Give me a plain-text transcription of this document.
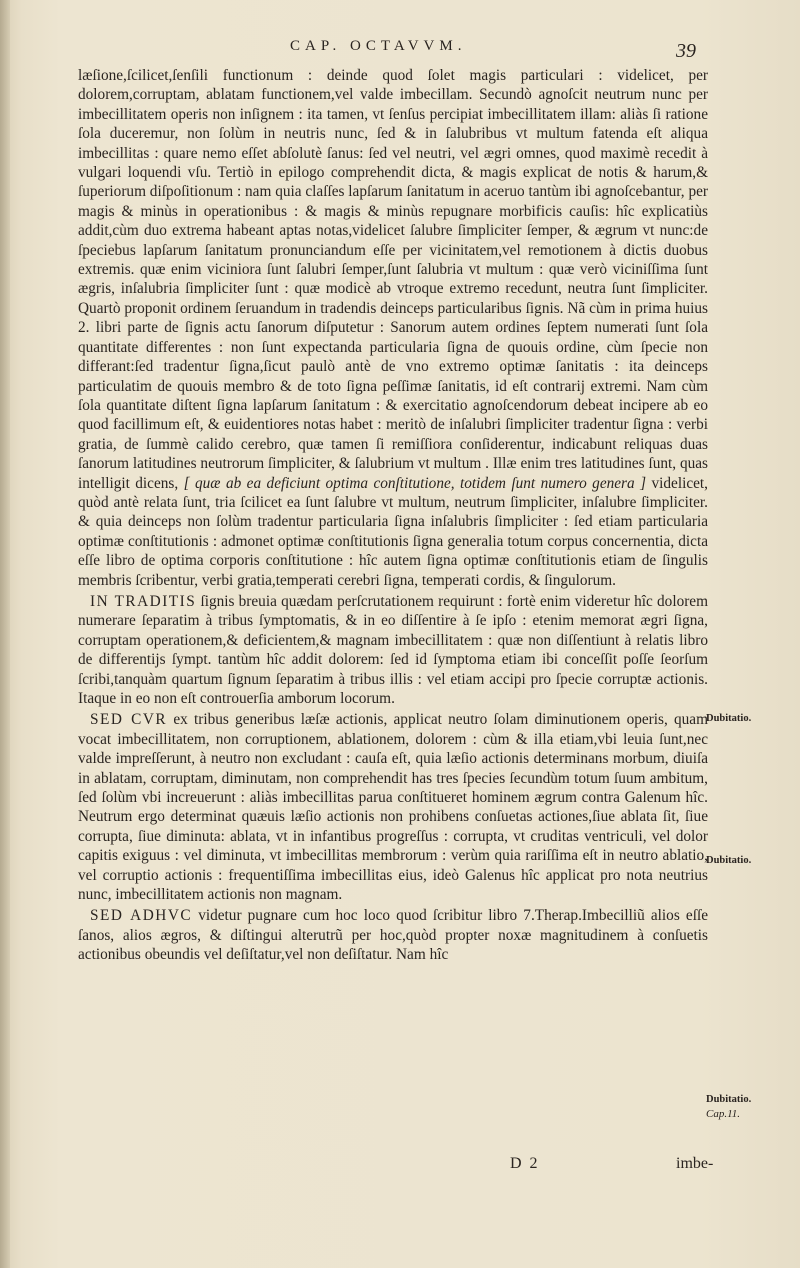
CAP. OCTAVVM.	39

læſione,ſcilicet,ſenſili functionum : deinde quod ſolet magis particulari : videlicet, per dolorem,corruptam, ablatam functionem,vel valde imbecillam. Secundò agnoſcit neutrum nunc per imbecillitatem operis non inſignem : ita tamen, vt ſenſus percipiat imbecillitatem illam: aliàs ſi ratione ſola duceremur, non ſolùm in neutris nunc, ſed & in ſalubribus vt multum fatenda eſt aliqua imbecillitas : quare nemo eſſet abſolutè ſanus: ſed vel neutri, vel ægri omnes, quod maximè recedit à vulgari loquendi vſu. Tertiò in epilogo comprehendit dicta, & magis explicat de notis & harum,& ſuperiorum diſpoſitionum : nam quia claſſes lapſarum ſanitatum in aceruo tantùm ibi agnoſcebantur, per magis & minùs in operationibus : & magis & minùs repugnare morbificis cauſis: hîc explicatiùs addit,cùm duo extrema habeant aptas notas,videlicet ſalubre ſimpliciter ſemper, & ægrum vt nunc:de ſpeciebus lapſarum ſanitatum pronunciandum eſſe per vicinitatem,vel remotionem à dictis duobus extremis. quæ enim viciniora ſunt ſalubri ſemper,ſunt ſalubria vt multum : quæ verò viciniſſima ſunt ægris, inſalubria ſimpliciter ſunt : quæ modicè ab vtroque extremo recedunt, neutra ſunt ſimpliciter. Quartò proponit ordinem ſeruandum in tradendis deinceps particularibus ſignis. Nã cùm in prima huius 2. libri parte de ſignis actu ſanorum diſputetur : Sanorum autem ordines ſeptem numerati ſunt ſola quantitate differentes : non ſunt expectanda particularia ſigna de quouis ordine, cùm ſpecie non differant:ſed tradentur ſigna,ſicut paulò antè de vno extremo optimæ ſanitatis : ita deinceps particulatim de quouis membro & de toto ſigna peſſimæ ſanitatis, id eſt contrarij extremi. Nam cùm ſola quantitate diſtent ſigna lapſarum ſanitatum : & exercitatio agnoſcendorum debeat incipere ab eo quod facillimum eſt, & euidentiores notas habet : meritò de inſalubri ſimpliciter tradentur ſigna : verbi gratia, de ſummè calido cerebro, quæ tamen ſi remiſſiora conſiderentur, indicabunt reliquas duas ſanorum latitudines neutrorum ſimpliciter, & ſalubrium vt multum . Illæ enim tres latitudines ſunt, quas intelligit dicens, [ quæ ab ea deficiunt optima conſtitutione, totidem ſunt numero genera ] videlicet, quòd antè relata ſunt, tria ſcilicet ea ſunt ſalubre vt multum, neutrum ſimpliciter, inſalubre ſimpliciter. & quia deinceps non ſolùm tradentur particularia ſigna inſalubris ſimpliciter : ſed etiam particularia optimæ conſtitutionis : admonet optimæ conſtitutionis ſigna generalia totum corpus concernentia, dicta eſſe libro de optima corporis conſtitutione : hîc autem ſigna optimæ conſtitutionis etiam de ſingulis membris ſcribentur, verbi gratia,temperati cerebri ſigna, temperati cordis, & ſingulorum.

IN TRADITIS ſignis breuia quædam perſcrutationem requirunt : fortè enim videretur hîc dolorem numerare ſeparatim à tribus ſymptomatis, & in eo diſſentire à ſe ipſo : etenim memorat ægri ſigna, corruptam operationem,& deficientem,& magnam imbecillitatem : quæ non diſſentiunt à relatis libro de differentijs ſympt. tantùm hîc addit dolorem: ſed id ſymptoma etiam ibi conceſſit poſſe ſeorſum ſcribi,tanquàm quartum ſignum ſeparatim à tribus illis : vel etiam accipi pro ſpecie corruptæ actionis. Itaque in eo non eſt controuerſia amborum locorum.

SED CVR ex tribus generibus læſæ actionis, applicat neutro ſolam diminutionem operis, quam vocat imbecillitatem, non corruptionem, ablationem, dolorem : cùm & illa etiam,vbi leuia ſunt,nec valde impreſſerunt, à neutro non excludant : cauſa eſt, quia læſio actionis determinans morbum, diuiſa in ablatam, corruptam, diminutam, non comprehendit has tres ſpecies ſecundùm totum ſuum ambitum, ſed ſolùm vbi increuerunt : aliàs imbecillitas parua conſtitueret hominem ægrum contra Galenum hîc. Neutrum ergo determinat quæuis læſio actionis non prohibens conſuetas actiones,ſiue ablata ſit, ſiue corrupta, ſiue diminuta: ablata, vt in infantibus progreſſus : corrupta, vt cruditas ventriculi, vel dolor capitis exiguus : vel diminuta, vt imbecillitas membrorum : verùm quia rariſſima eſt in neutro ablatio, vel corruptio actionis : frequentiſſima imbecillitas eius, ideò Galenus hîc applicat pro nota neutrius nunc, imbecillitatem actionis non magnam.

SED ADHVC videtur pugnare cum hoc loco quod ſcribitur libro 7.Therap.Imbecilliũ alios eſſe ſanos, alios ægros, & diſtingui alterutrũ per hoc,quòd propter noxæ magnitudinem à conſuetis actionibus obeundis vel deſiſtatur,vel non deſiſtatur. Nam hîc

Dubitatio.
Dubitatio.
Dubitatio.
Cap.11.
D 2	imbe-
